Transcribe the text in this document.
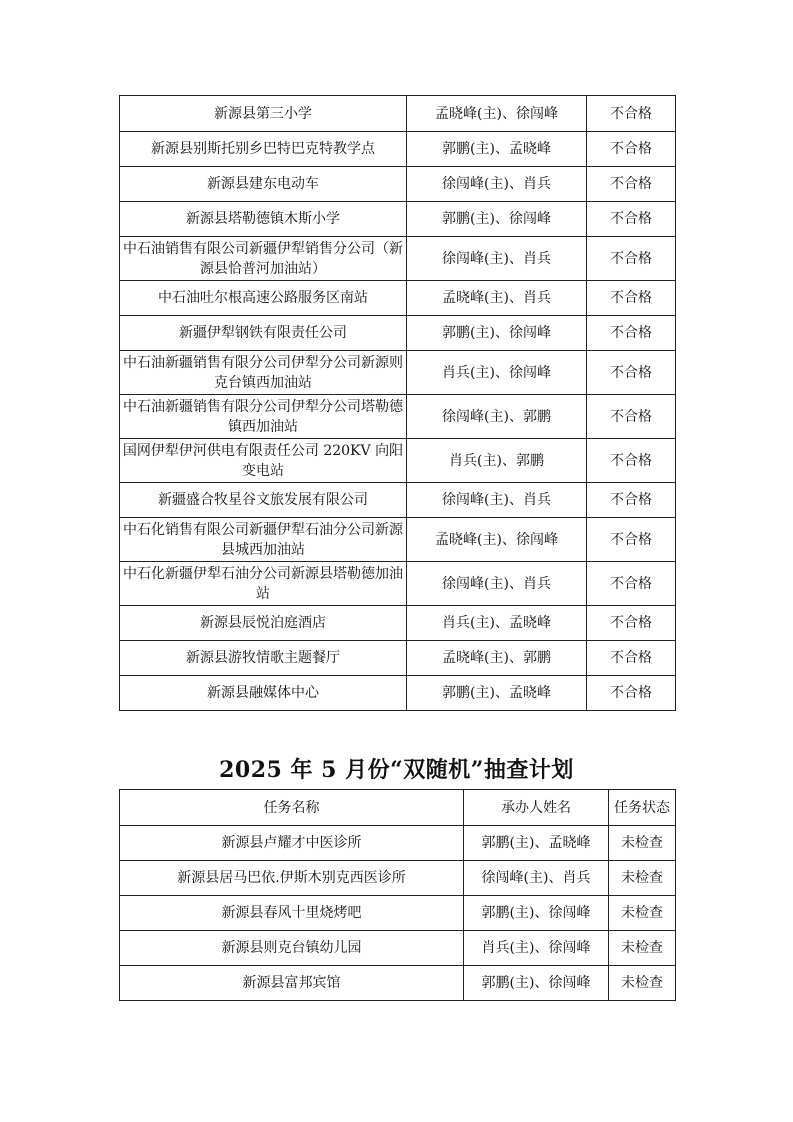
新源县第三小学	孟晓峰(主)、徐闯峰	不合格
新源县别斯托别乡巴特巴克特教学点	郭鹏(主)、孟晓峰	不合格
新源县建东电动车	徐闯峰(主)、肖兵	不合格
新源县塔勒德镇木斯小学	郭鹏(主)、徐闯峰	不合格
中石油销售有限公司新疆伊犁销售分公司（新源县恰普河加油站）	徐闯峰(主)、肖兵	不合格
中石油吐尔根高速公路服务区南站	孟晓峰(主)、肖兵	不合格
新疆伊犁钢铁有限责任公司	郭鹏(主)、徐闯峰	不合格
中石油新疆销售有限分公司伊犁分公司新源则克台镇西加油站	肖兵(主)、徐闯峰	不合格
中石油新疆销售有限分公司伊犁分公司塔勒德镇西加油站	徐闯峰(主)、郭鹏	不合格
国网伊犁伊河供电有限责任公司 220KV 向阳变电站	肖兵(主)、郭鹏	不合格
新疆盛合牧星谷文旅发展有限公司	徐闯峰(主)、肖兵	不合格
中石化销售有限公司新疆伊犁石油分公司新源县城西加油站	孟晓峰(主)、徐闯峰	不合格
中石化新疆伊犁石油分公司新源县塔勒德加油站	徐闯峰(主)、肖兵	不合格
新源县辰悦泊庭酒店	肖兵(主)、孟晓峰	不合格
新源县游牧情歌主题餐厅	孟晓峰(主)、郭鹏	不合格
新源县融媒体中心	郭鹏(主)、孟晓峰	不合格
2025 年 5 月份“双随机”抽查计划
任务名称	承办人姓名	任务状态
新源县卢耀才中医诊所	郭鹏(主)、孟晓峰	未检查
新源县居马巴依.伊斯木别克西医诊所	徐闯峰(主)、肖兵	未检查
新源县春风十里烧烤吧	郭鹏(主)、徐闯峰	未检查
新源县则克台镇幼儿园	肖兵(主)、徐闯峰	未检查
新源县富邦宾馆	郭鹏(主)、徐闯峰	未检查
